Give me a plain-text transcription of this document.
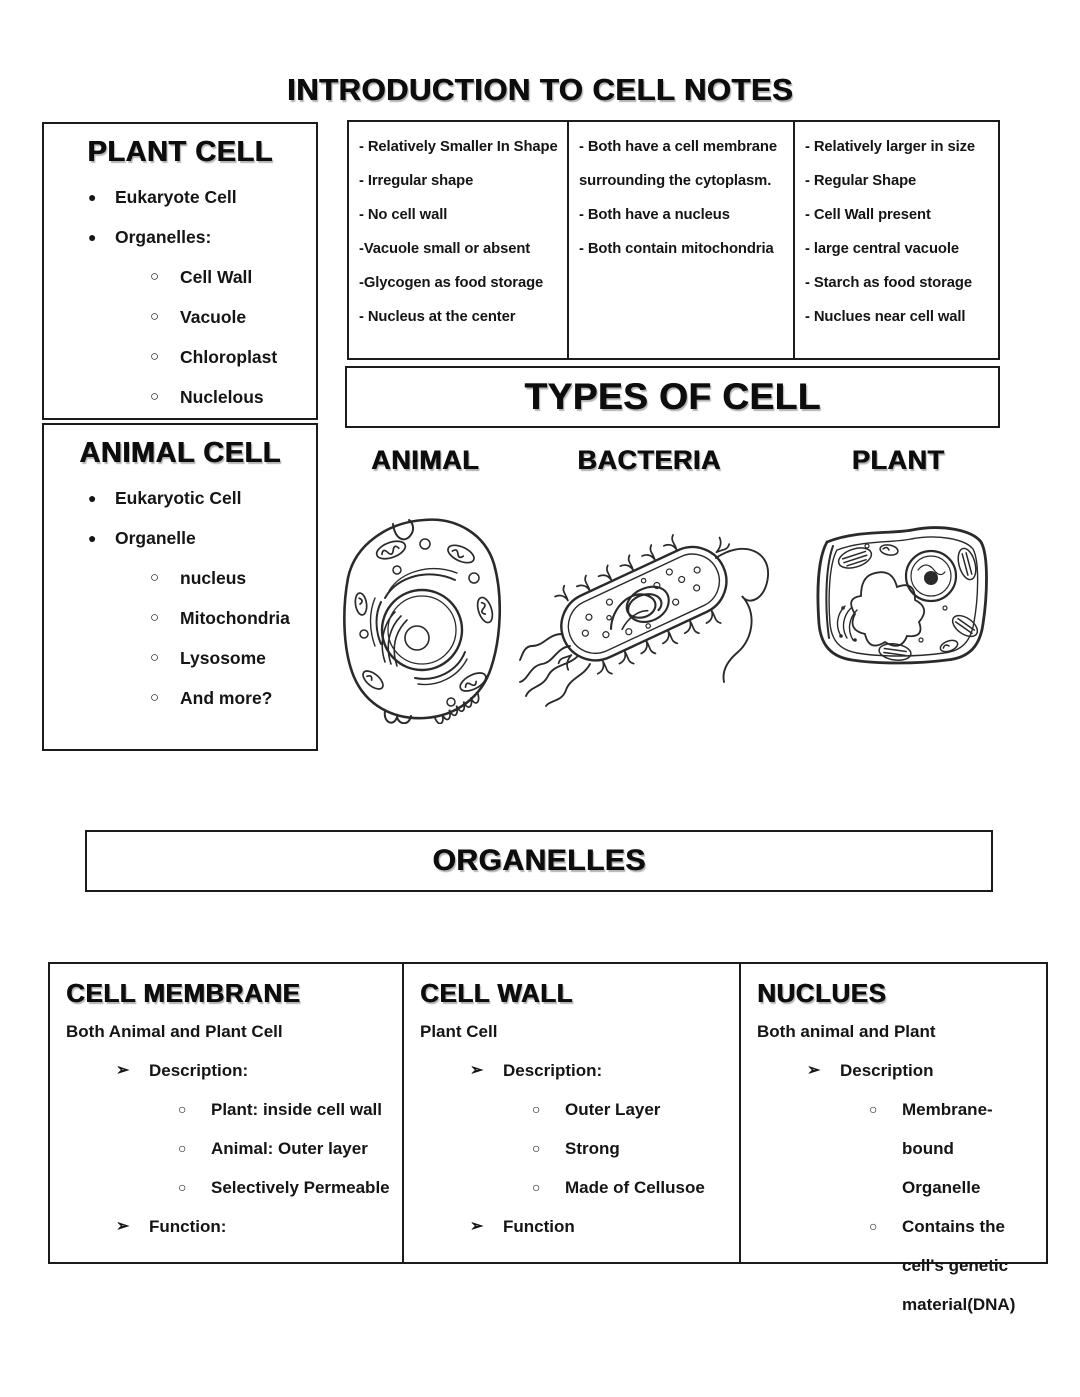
INTRODUCTION TO CELL NOTES
PLANT CELL
●	Eukaryote Cell
●	Organelles:
○	Cell Wall
○	Vacuole
○	Chloroplast
○	Nuclelous
ANIMAL CELL
●	Eukaryotic Cell
●	Organelle
○	nucleus
○	Mitochondria
○	Lysosome
○	And more?
- Relatively Smaller In Shape
- Irregular shape
- No cell wall
-Vacuole small or absent
-Glycogen as food storage
- Nucleus at the center
- Both have a cell membrane
surrounding the cytoplasm.
- Both have a nucleus
- Both contain mitochondria
- Relatively larger in size
- Regular Shape
- Cell Wall present
- large central vacuole
- Starch as food storage
- Nuclues near cell wall
TYPES OF CELL
ANIMAL	BACTERIA	PLANT
ORGANELLES
CELL MEMBRANE
Both Animal and Plant Cell
➢	Description:
○	Plant: inside cell wall
○	Animal: Outer layer
○	Selectively Permeable
➢	Function:
CELL WALL
Plant Cell
➢	Description:
○	Outer Layer
○	Strong
○	Made of Cellusoe
➢	Function
NUCLUES
Both animal and Plant
➢	Description
○	Membrane-bound Organelle
○	Contains the cell's genetic material(DNA)
